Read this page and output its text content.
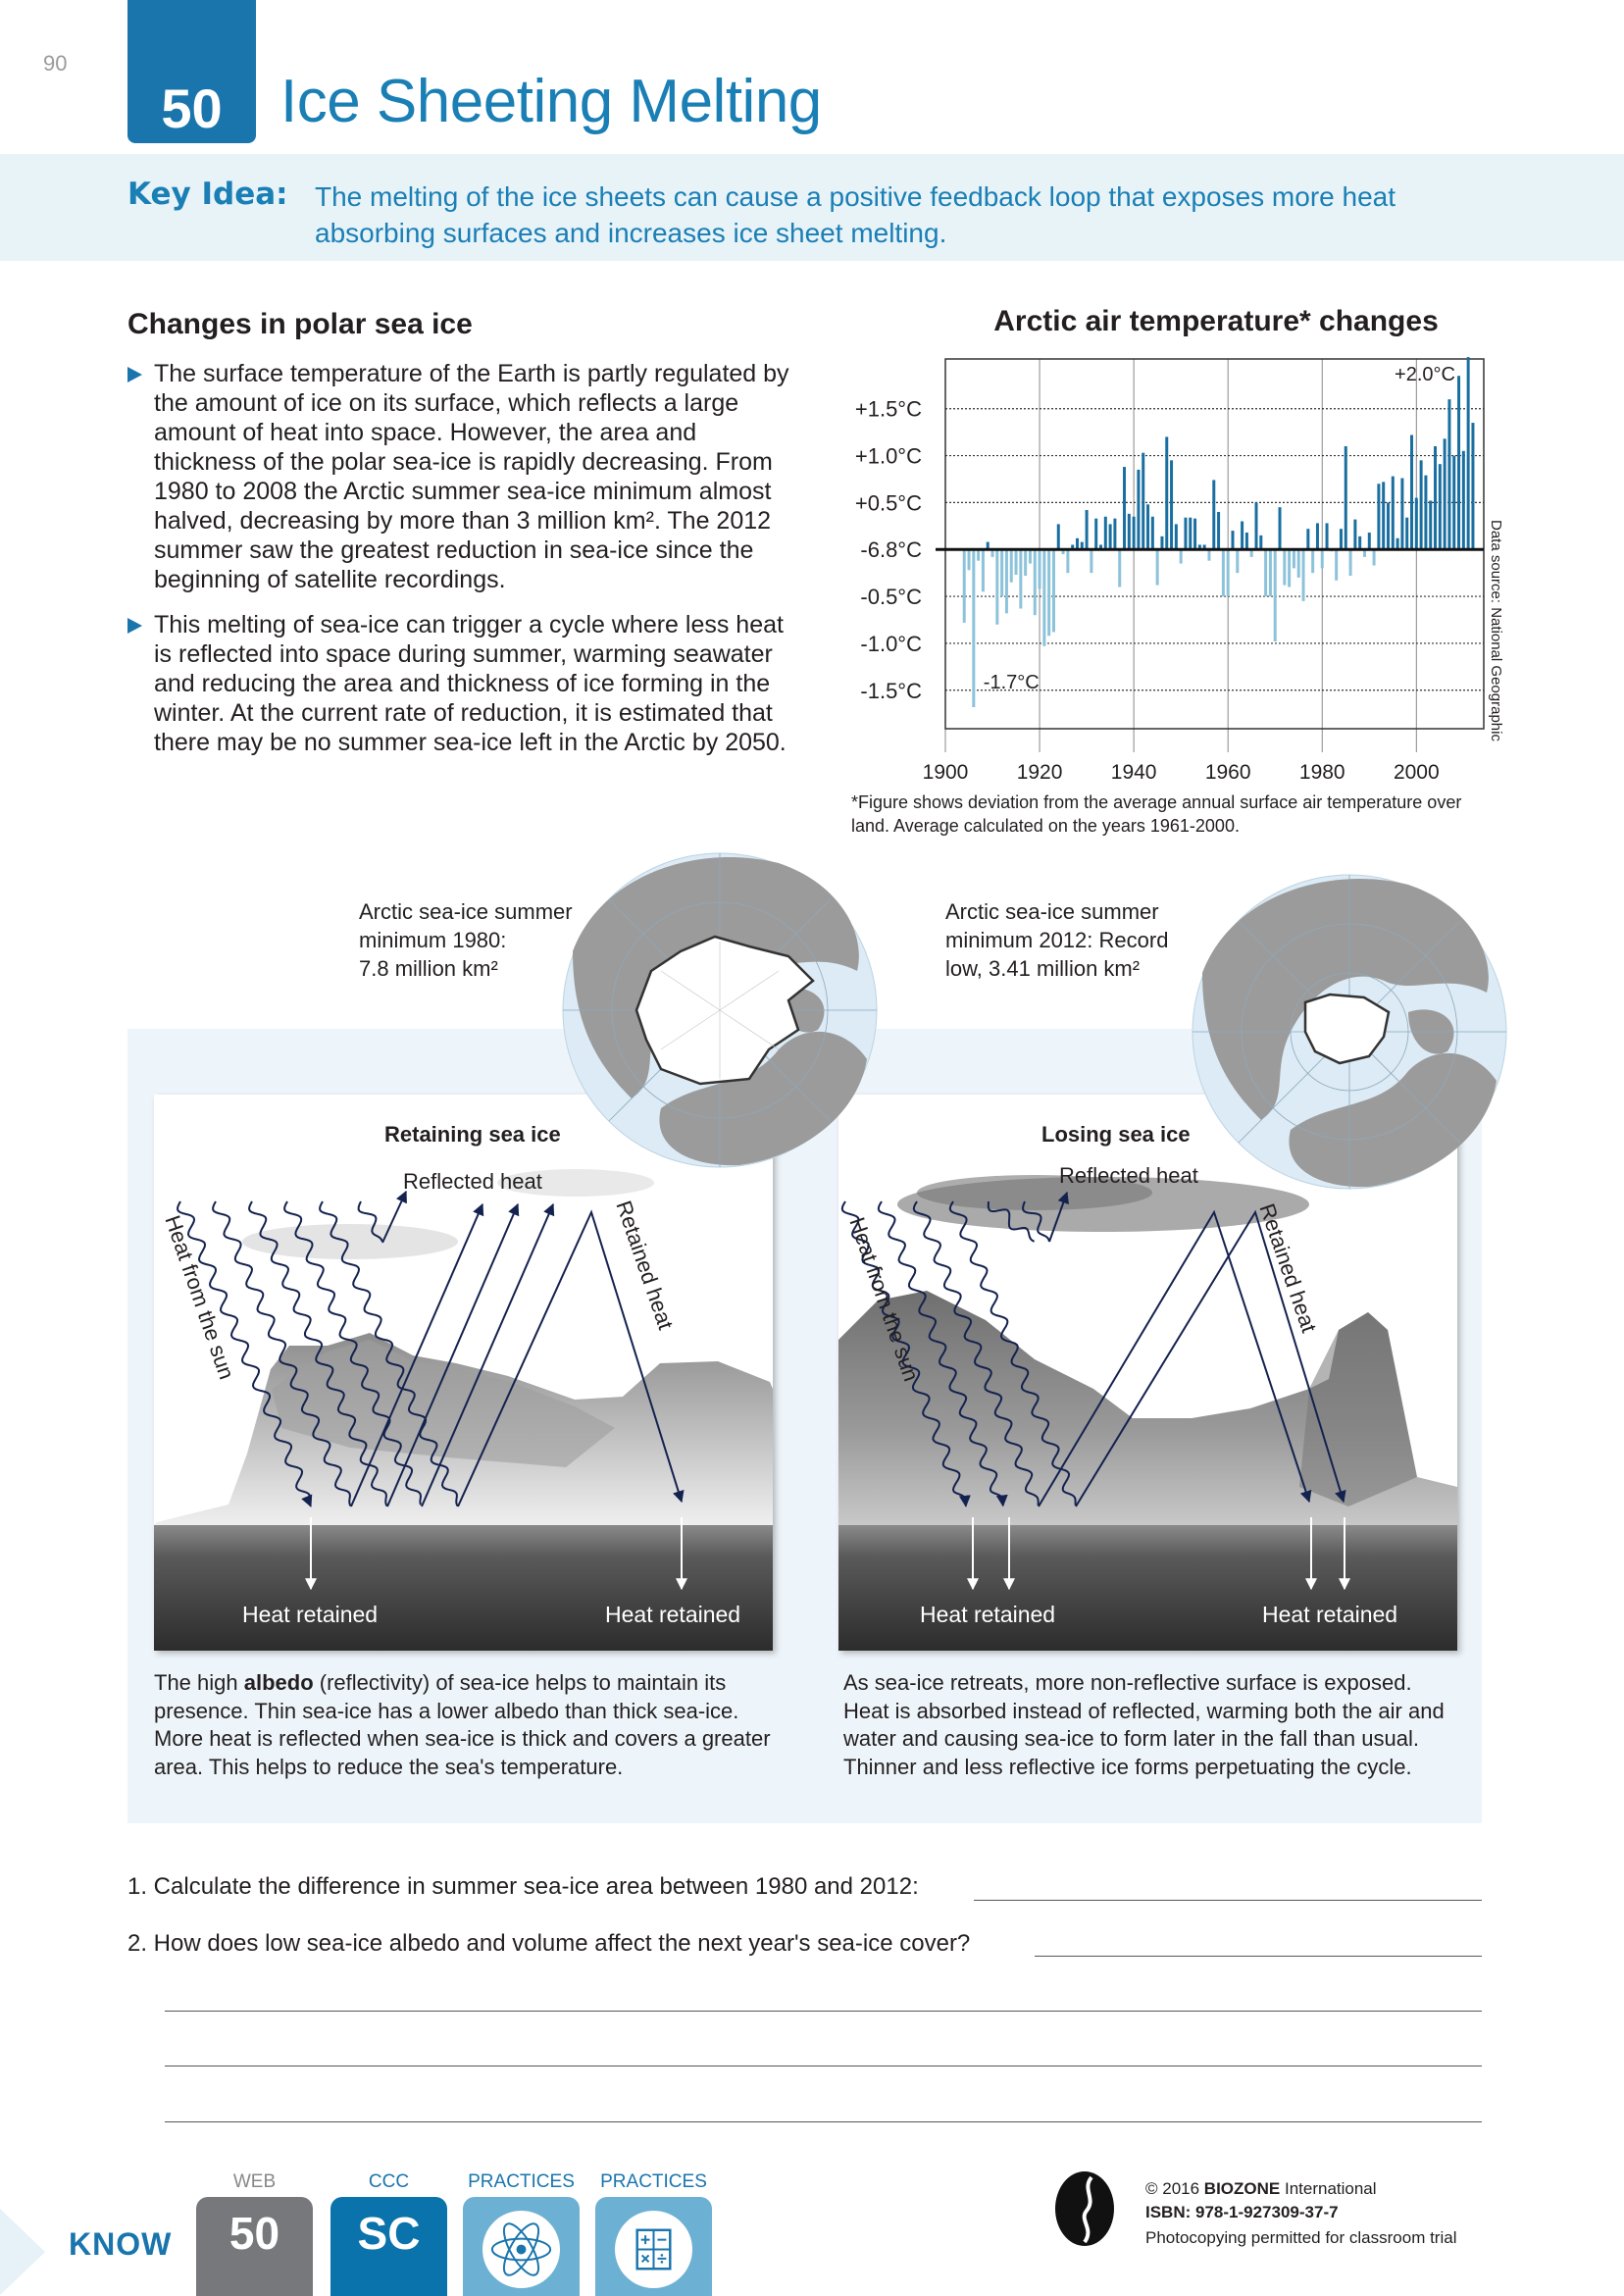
90
50 Ice Sheeting Melting
Key Idea: The melting of the ice sheets can cause a positive feedback loop that exposes more heat absorbing surfaces and increases ice sheet melting.
Changes in polar sea ice
The surface temperature of the Earth is partly regulated by the amount of ice on its surface, which reflects a large amount of heat into space. However, the area and thickness of the polar sea-ice is rapidly decreasing. From 1980 to 2008 the Arctic summer sea-ice minimum almost halved, decreasing by more than 3 million km². The 2012 summer saw the greatest reduction in sea-ice since the beginning of satellite recordings.
This melting of sea-ice can trigger a cycle where less heat is reflected into space during summer, warming seawater and reducing the area and thickness of ice forming in the winter. At the current rate of reduction, it is estimated that there may be no summer sea-ice left in the Arctic by 2050.
Arctic air temperature* changes
1900 1920 1940 1960 1980 2000
+1.5°C
+1.0°C
+0.5°C
-6.8°C
-0.5°C
-1.0°C
-1.5°C
+2.0°C
-1.7°C	Data source: National Geographic
*Figure shows deviation from the average annual surface air temperature over land. Average calculated on the years 1961-2000.
Retaining sea ice
Reflected heat
Heat from the sun	Retained heat
Heat retained	Heat retained
Losing sea ice
Reflected heat
Heat from the sun	Retained heat
Heat retained	Heat retained
Arctic sea-ice summer
minimum 1980:
7.8 million km²
Arctic sea-ice summer
minimum 2012: Record
low, 3.41 million km²
The high albedo (reflectivity) of sea-ice helps to maintain its presence. Thin sea-ice has a lower albedo than thick sea-ice. More heat is reflected when sea-ice is thick and covers a greater area. This helps to reduce the sea's temperature.
As sea-ice retreats, more non-reflective surface is exposed. Heat is absorbed instead of reflected, warming both the air and water and causing sea-ice to form later in the fall than usual. Thinner and less reflective ice forms perpetuating the cycle.
1. Calculate the difference in summer sea-ice area between 1980 and 2012:
2. How does low sea-ice albedo and volume affect the next year's sea-ice cover?
KNOW
WEB
50
CCC
SC
PRACTICES PRACTICES	© 2016 BIOZONE International
ISBN: 978-1-927309-37-7
Photocopying permitted for classroom trial
